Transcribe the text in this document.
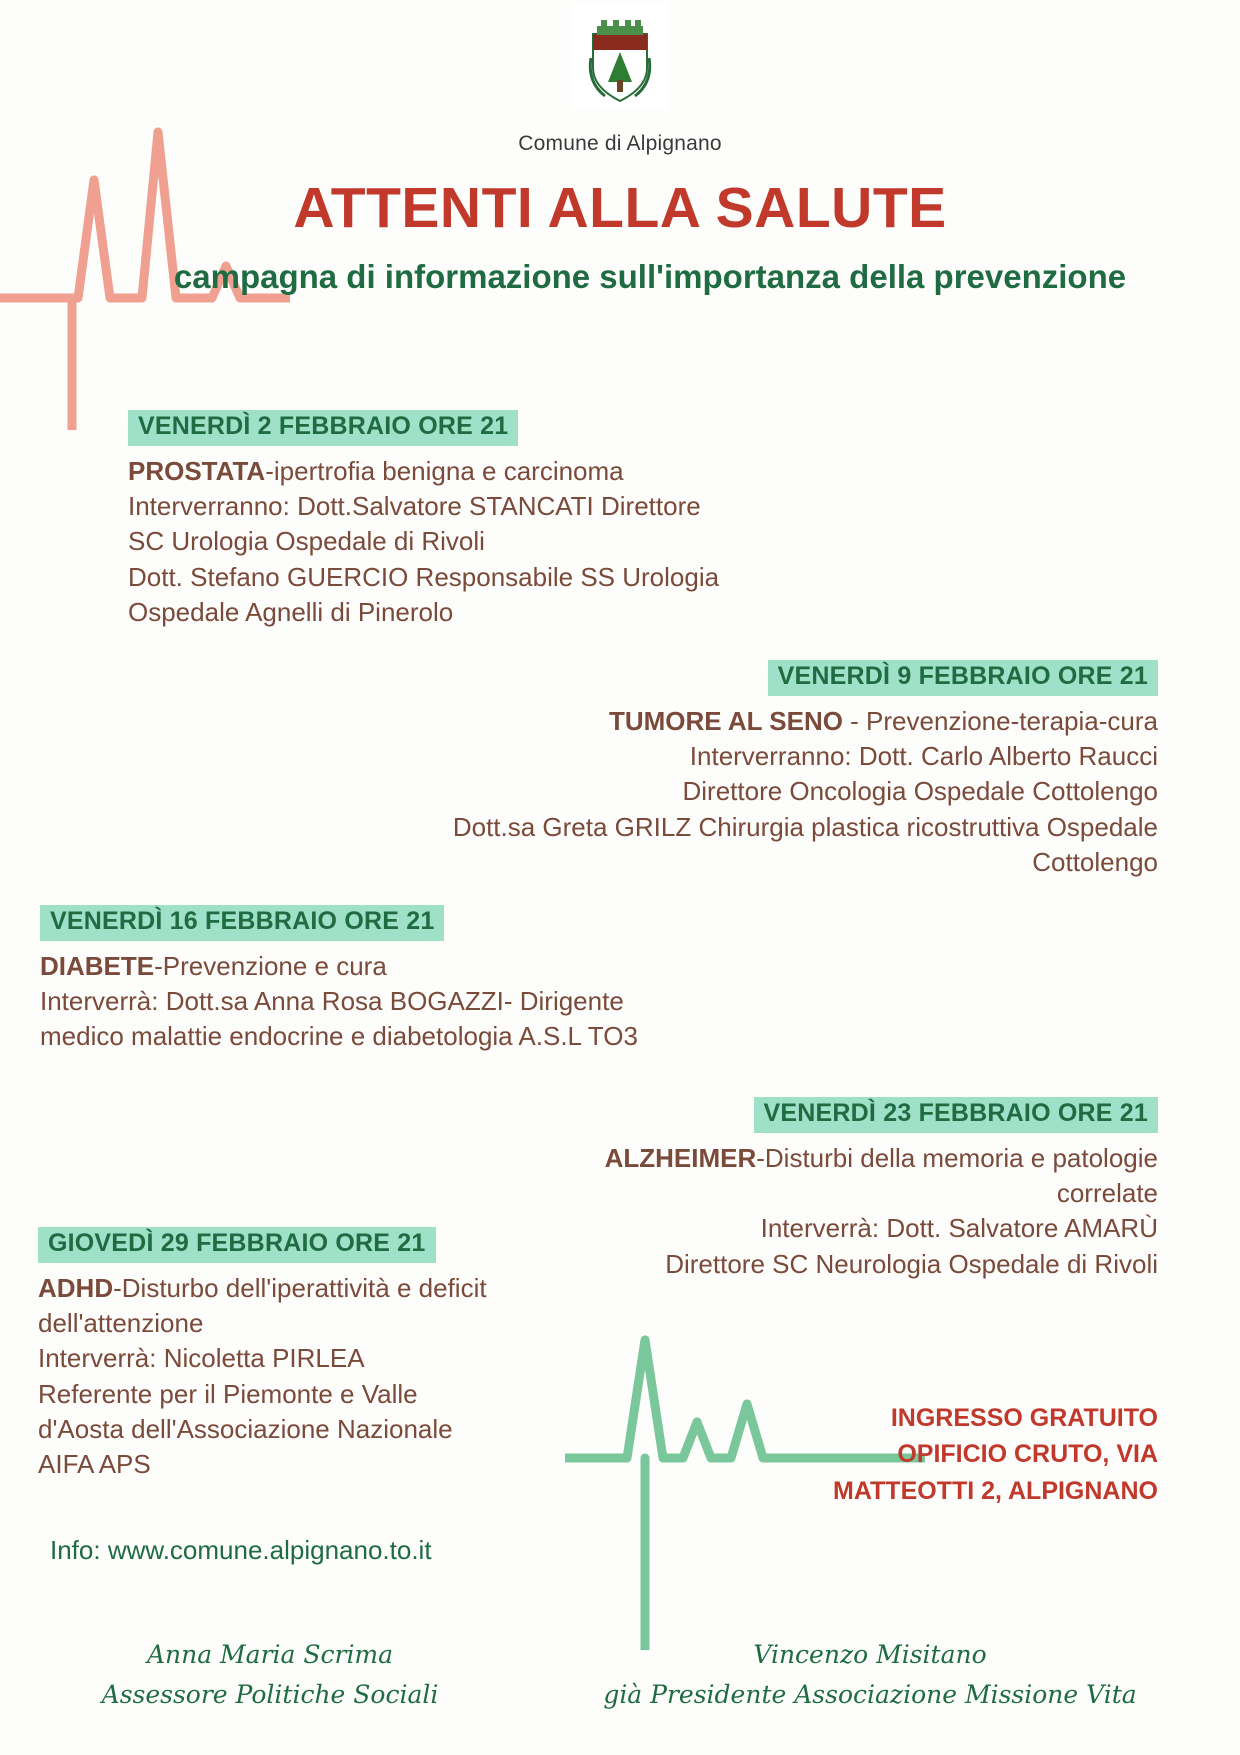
Comune di Alpignano
ATTENTI ALLA SALUTE
campagna di informazione sull'importanza della prevenzione
VENERDÌ 2 FEBBRAIO ORE 21
PROSTATA-ipertrofia benigna e carcinoma
Interverranno: Dott.Salvatore STANCATI Direttore
SC Urologia Ospedale di Rivoli
Dott. Stefano GUERCIO Responsabile SS Urologia
Ospedale Agnelli di Pinerolo
VENERDÌ 9 FEBBRAIO ORE 21
TUMORE AL SENO - Prevenzione-terapia-cura
Interverranno: Dott. Carlo Alberto Raucci
Direttore Oncologia Ospedale Cottolengo
Dott.sa Greta GRILZ Chirurgia plastica ricostruttiva Ospedale
Cottolengo
VENERDÌ 16 FEBBRAIO ORE 21
DIABETE-Prevenzione e cura
Interverrà: Dott.sa Anna Rosa BOGAZZI- Dirigente
medico malattie endocrine e diabetologia A.S.L TO3
VENERDÌ 23 FEBBRAIO ORE 21
ALZHEIMER-Disturbi della memoria e patologie correlate
Interverrà: Dott. Salvatore AMARÙ
Direttore SC Neurologia Ospedale di Rivoli
GIOVEDÌ 29 FEBBRAIO ORE 21
ADHD-Disturbo dell'iperattività e deficit dell'attenzione
Interverrà: Nicoletta PIRLEA
Referente per il Piemonte e Valle
d'Aosta dell'Associazione Nazionale
AIFA APS
Info: www.comune.alpignano.to.it
INGRESSO GRATUITO OPIFICIO CRUTO, VIA MATTEOTTI 2, ALPIGNANO
Anna Maria Scrima
Assessore Politiche Sociali
Vincenzo Misitano
già Presidente Associazione Missione Vita
